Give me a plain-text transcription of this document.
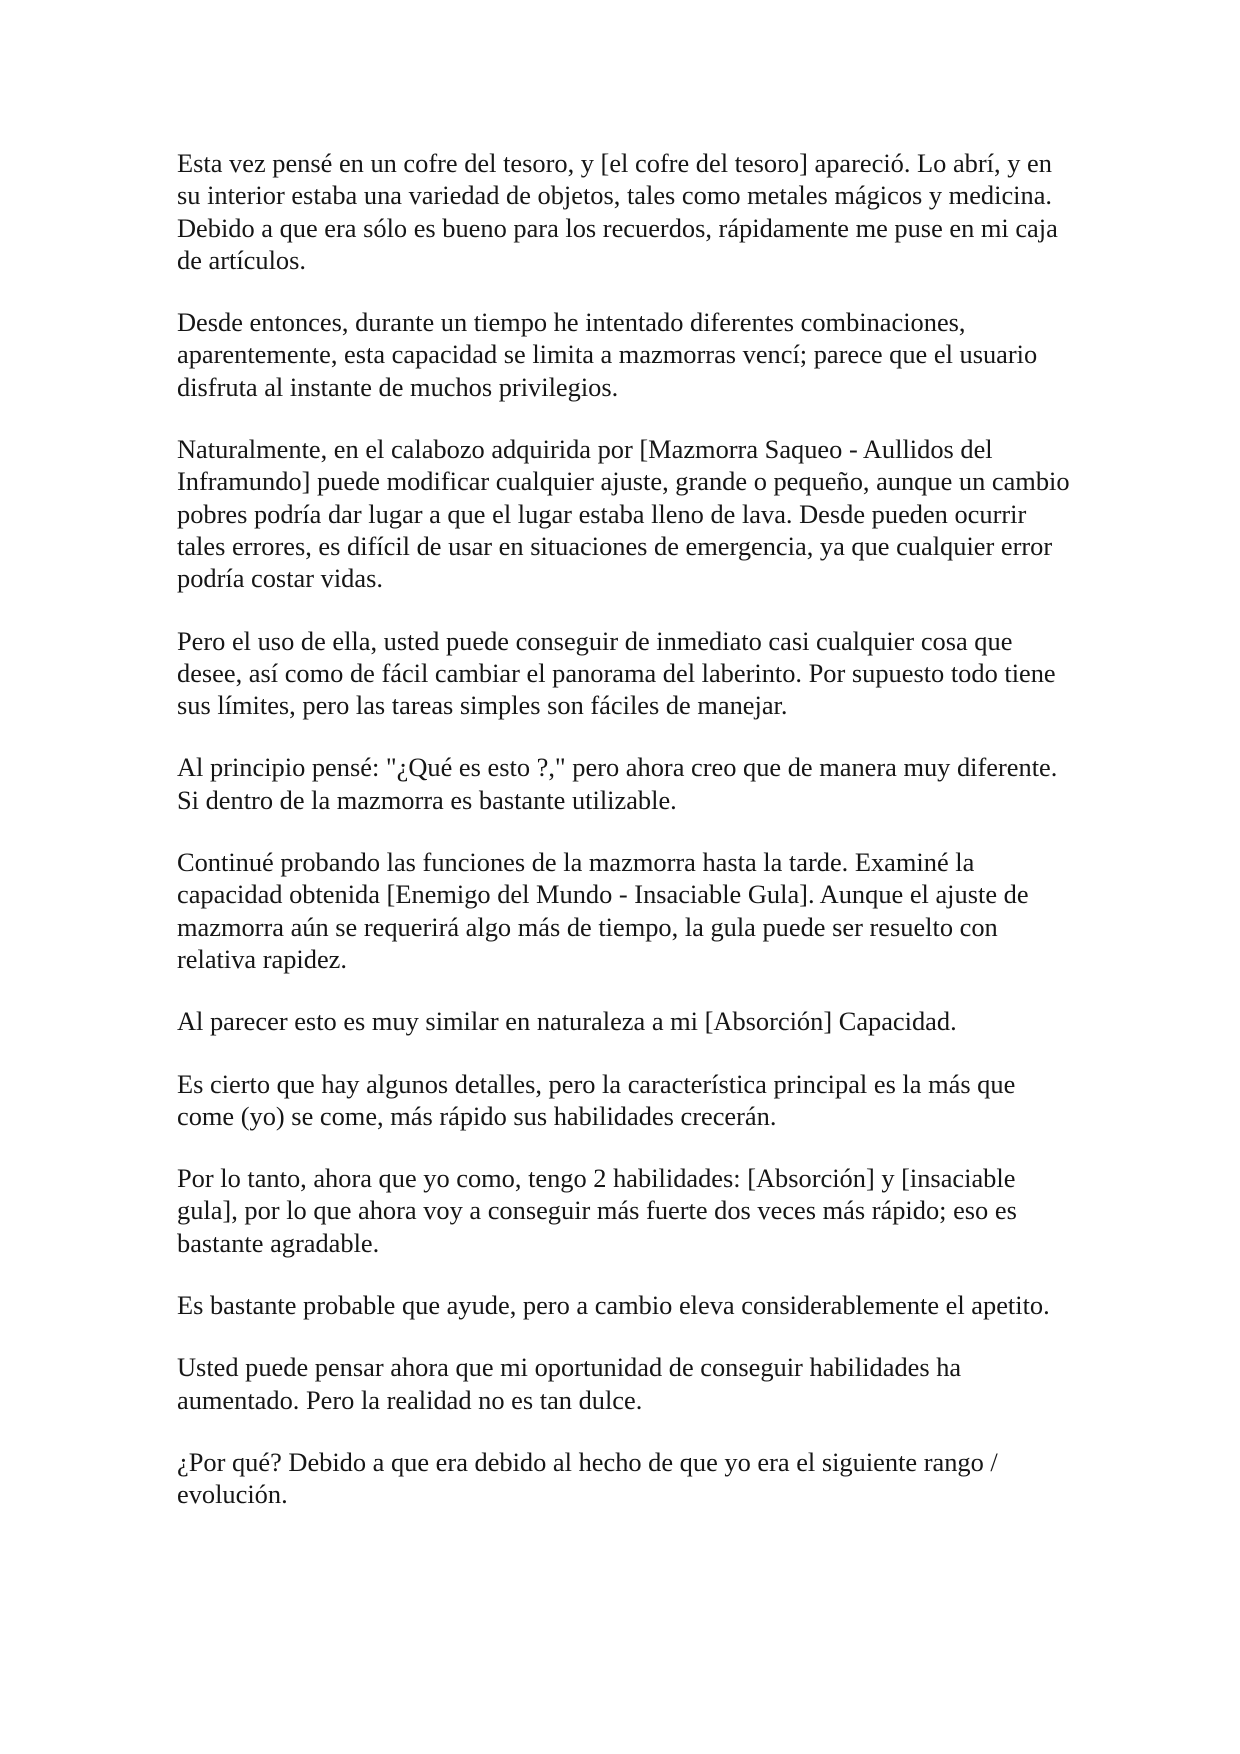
Esta vez pensé en un cofre del tesoro, y [el cofre del tesoro] apareció. Lo abrí, y en su interior estaba una variedad de objetos, tales como metales mágicos y medicina. Debido a que era sólo es bueno para los recuerdos, rápidamente me puse en mi caja de artículos.

Desde entonces, durante un tiempo he intentado diferentes combinaciones, aparentemente, esta capacidad se limita a mazmorras vencí; parece que el usuario disfruta al instante de muchos privilegios.

Naturalmente, en el calabozo adquirida por [Mazmorra Saqueo - Aullidos del Inframundo] puede modificar cualquier ajuste, grande o pequeño, aunque un cambio pobres podría dar lugar a que el lugar estaba lleno de lava. Desde pueden ocurrir tales errores, es difícil de usar en situaciones de emergencia, ya que cualquier error podría costar vidas.

Pero el uso de ella, usted puede conseguir de inmediato casi cualquier cosa que desee, así como de fácil cambiar el panorama del laberinto. Por supuesto todo tiene sus límites, pero las tareas simples son fáciles de manejar.

Al principio pensé: "¿Qué es esto ?," pero ahora creo que de manera muy diferente. Si dentro de la mazmorra es bastante utilizable.

Continué probando las funciones de la mazmorra hasta la tarde. Examiné la capacidad obtenida [Enemigo del Mundo - Insaciable Gula]. Aunque el ajuste de mazmorra aún se requerirá algo más de tiempo, la gula puede ser resuelto con relativa rapidez.

Al parecer esto es muy similar en naturaleza a mi [Absorción] Capacidad.

Es cierto que hay algunos detalles, pero la característica principal es la más que come (yo) se come, más rápido sus habilidades crecerán.

Por lo tanto, ahora que yo como, tengo 2 habilidades: [Absorción] y [insaciable gula], por lo que ahora voy a conseguir más fuerte dos veces más rápido; eso es bastante agradable.

Es bastante probable que ayude, pero a cambio eleva considerablemente el apetito.

Usted puede pensar ahora que mi oportunidad de conseguir habilidades ha aumentado. Pero la realidad no es tan dulce.

¿Por qué? Debido a que era debido al hecho de que yo era el siguiente rango / evolución.
